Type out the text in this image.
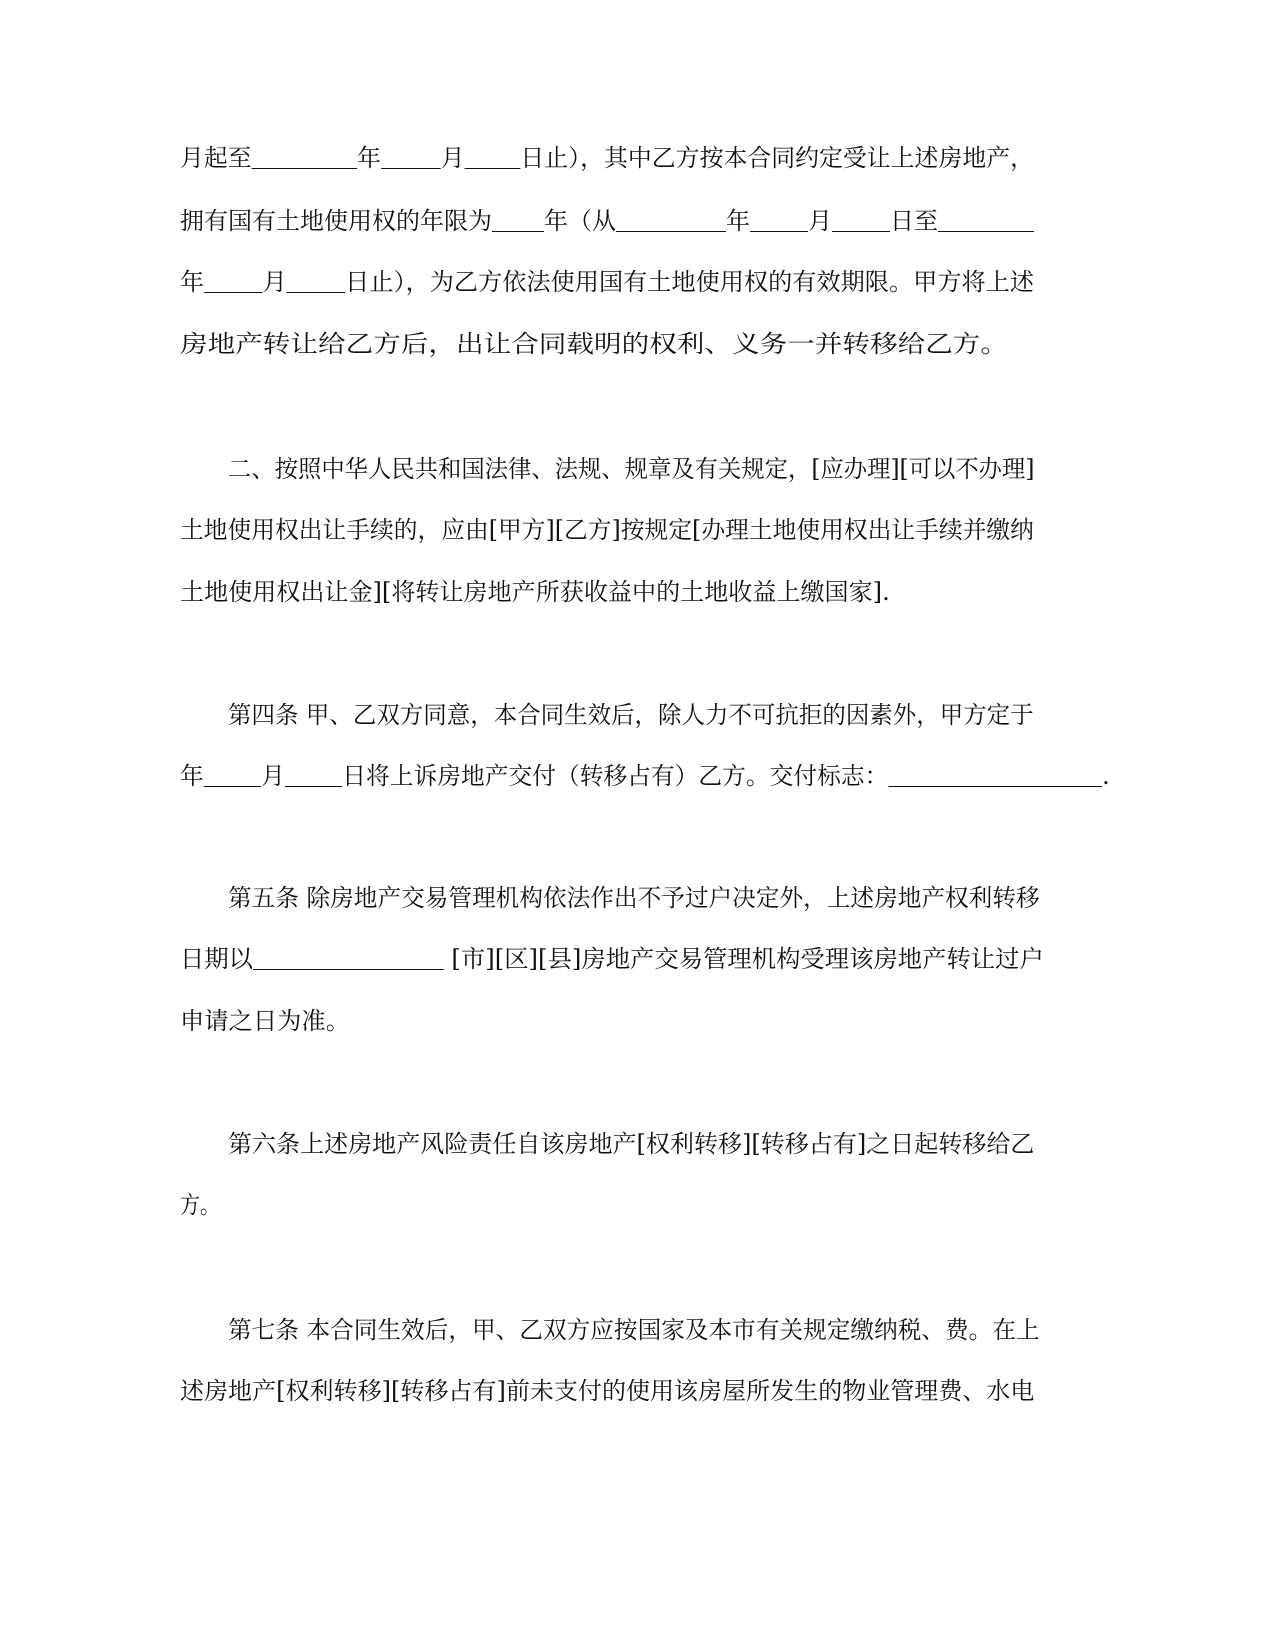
月起至	年 月 日止），其中乙方按本合同约定受让上述房地产，
拥有国有土地使用权的年限为 年（从	年 月 日至
年 月 日止），为乙方依法使用国有土地使用权的有效期限。甲方将上述
房地产转让给乙方后，出让合同载明的权利、义务一并转移给乙方。
二、按照中华人民共和国法律、法规、规章及有关规定，[应办理][可以不办理]
土地使用权出让手续的，应由[甲方][乙方]按规定[办理土地使用权出让手续并缴纳
土地使用权出让金][将转让房地产所获收益中的土地收益上缴国家].
第四条 甲、乙双方同意，本合同生效后，除人力不可抗拒的因素外，甲方定于
年 月 日将上诉房地产交付（转移占有）乙方。交付标志：	.
第五条 除房地产交易管理机构依法作出不予过户决定外，上述房地产权利转移
日期以	[市][区][县]房地产交易管理机构受理该房地产转让过户
申请之日为准。
第六条上述房地产风险责任自该房地产[权利转移][转移占有]之日起转移给乙
方。
第七条 本合同生效后，甲、乙双方应按国家及本市有关规定缴纳税、费。在上
述房地产[权利转移][转移占有]前未支付的使用该房屋所发生的物业管理费、水电
